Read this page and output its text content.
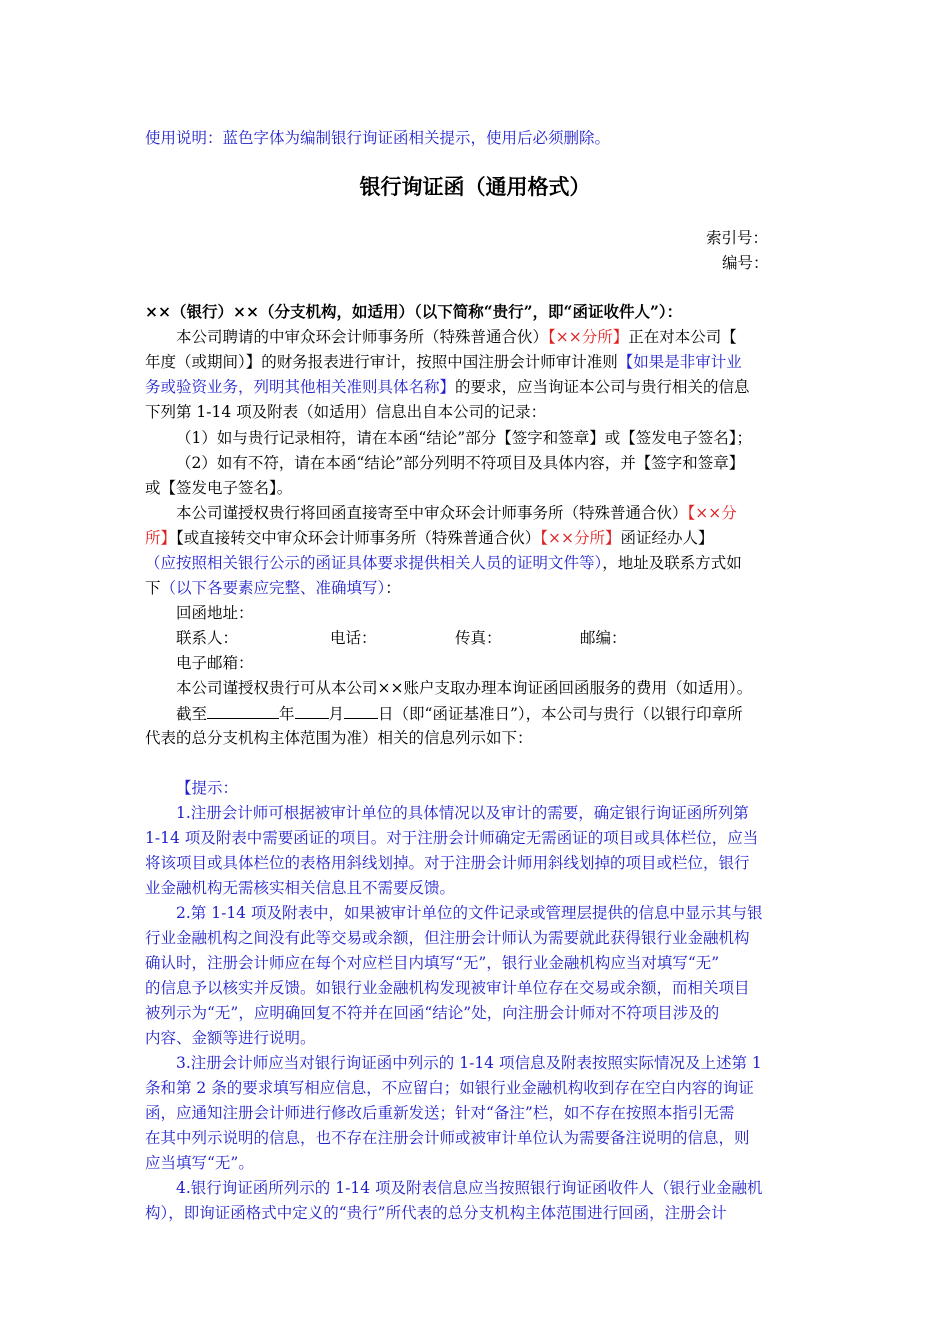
使用说明：蓝色字体为编制银行询证函相关提示，使用后必须删除。
银行询证函（通用格式）
索引号：
编号：
××（银行）××（分支机构，如适用）（以下简称“贵行”，即“函证收件人”）：
本公司聘请的中审众环会计师事务所（特殊普通合伙）【××分所】正在对本公司【
年度（或期间）】的财务报表进行审计，按照中国注册会计师审计准则【如果是非审计业
务或验资业务，列明其他相关准则具体名称】的要求，应当询证本公司与贵行相关的信息
下列第 1-14 项及附表（如适用）信息出自本公司的记录：
（1）如与贵行记录相符，请在本函“结论”部分【签字和签章】或【签发电子签名】；
（2）如有不符，请在本函“结论”部分列明不符项目及具体内容，并【签字和签章】
或【签发电子签名】。
本公司谨授权贵行将回函直接寄至中审众环会计师事务所（特殊普通合伙）【××分
所】【或直接转交中审众环会计师事务所（特殊普通合伙）【××分所】函证经办人】
（应按照相关银行公示的函证具体要求提供相关人员的证明文件等），地址及联系方式如
下（以下各要素应完整、准确填写）：
回函地址：
联系人：	电话：	传真：	邮编：
电子邮箱：
本公司谨授权贵行可从本公司××账户支取办理本询证函回函服务的费用（如适用）。
截至	年 月 日（即“函证基准日”），本公司与贵行（以银行印章所
代表的总分支机构主体范围为准）相关的信息列示如下：
【提示：
1.注册会计师可根据被审计单位的具体情况以及审计的需要，确定银行询证函所列第
1-14 项及附表中需要函证的项目。对于注册会计师确定无需函证的项目或具体栏位，应当
将该项目或具体栏位的表格用斜线划掉。对于注册会计师用斜线划掉的项目或栏位，银行
业金融机构无需核实相关信息且不需要反馈。
2.第 1-14 项及附表中，如果被审计单位的文件记录或管理层提供的信息中显示其与银
行业金融机构之间没有此等交易或余额，但注册会计师认为需要就此获得银行业金融机构
确认时，注册会计师应在每个对应栏目内填写“无”，银行业金融机构应当对填写“无”
的信息予以核实并反馈。如银行业金融机构发现被审计单位存在交易或余额，而相关项目
被列示为“无”，应明确回复不符并在回函“结论”处，向注册会计师对不符项目涉及的
内容、金额等进行说明。
3.注册会计师应当对银行询证函中列示的 1-14 项信息及附表按照实际情况及上述第 1
条和第 2 条的要求填写相应信息，不应留白；如银行业金融机构收到存在空白内容的询证
函，应通知注册会计师进行修改后重新发送；针对“备注”栏，如不存在按照本指引无需
在其中列示说明的信息，也不存在注册会计师或被审计单位认为需要备注说明的信息，则
应当填写“无”。
4.银行询证函所列示的 1-14 项及附表信息应当按照银行询证函收件人（银行业金融机
构），即询证函格式中定义的“贵行”所代表的总分支机构主体范围进行回函，注册会计
